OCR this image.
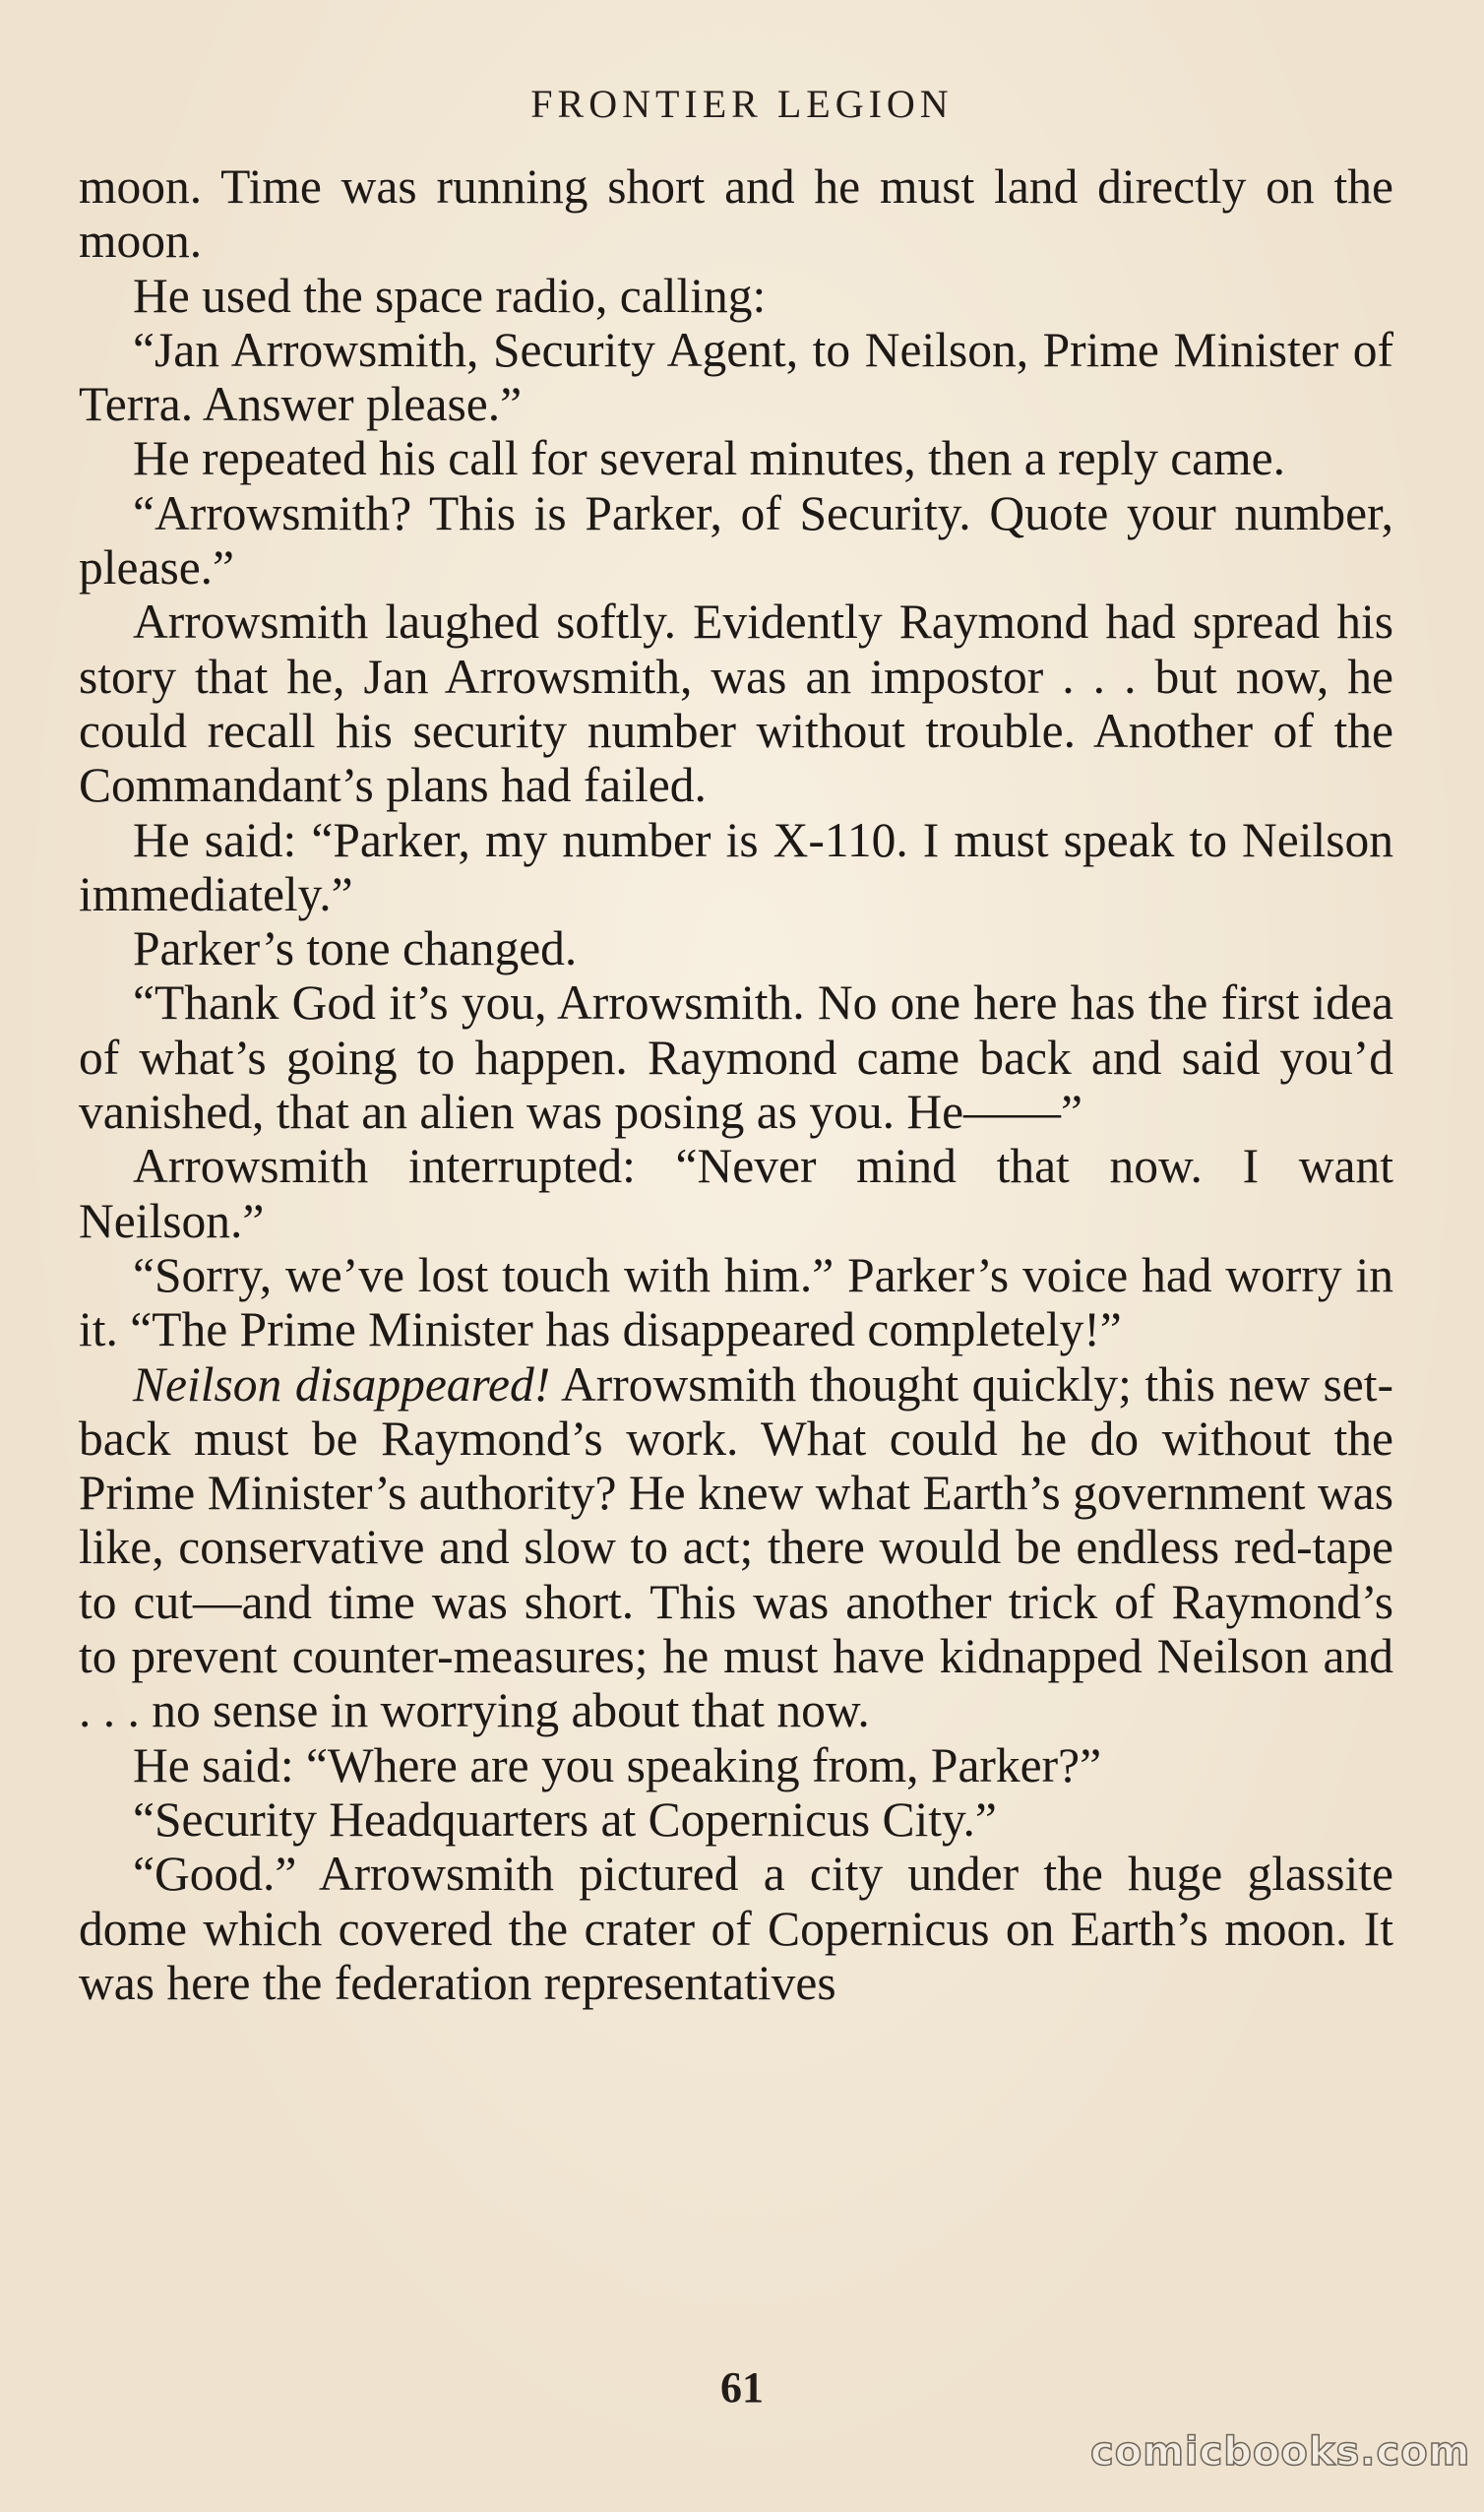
FRONTIER LEGION

moon. Time was running short and he must land directly on the moon.

He used the space radio, calling:

“Jan Arrowsmith, Security Agent, to Neilson, Prime Minister of Terra. Answer please.”

He repeated his call for several minutes, then a reply came.

“Arrowsmith? This is Parker, of Security. Quote your number, please.”

Arrowsmith laughed softly. Evidently Raymond had spread his story that he, Jan Arrowsmith, was an impostor . . . but now, he could recall his security number without trouble. Another of the Commandant’s plans had failed.

He said: “Parker, my number is X-110. I must speak to Neilson immediately.”

Parker’s tone changed.

“Thank God it’s you, Arrowsmith. No one here has the first idea of what’s going to happen. Raymond came back and said you’d vanished, that an alien was posing as you. He——”

Arrowsmith interrupted: “Never mind that now. I want Neilson.”

“Sorry, we’ve lost touch with him.” Parker’s voice had worry in it. “The Prime Minister has disappeared completely!”

Neilson disappeared! Arrowsmith thought quickly; this new set-back must be Raymond’s work. What could he do without the Prime Minister’s authority? He knew what Earth’s government was like, conservative and slow to act; there would be endless red-tape to cut—and time was short. This was another trick of Raymond’s to prevent counter-measures; he must have kidnapped Neilson and . . . no sense in worrying about that now.

He said: “Where are you speaking from, Parker?”

“Security Headquarters at Copernicus City.”

“Good.” Arrowsmith pictured a city under the huge glassite dome which covered the crater of Copernicus on Earth’s moon. It was here the federation representatives

61
comicbooks.com
